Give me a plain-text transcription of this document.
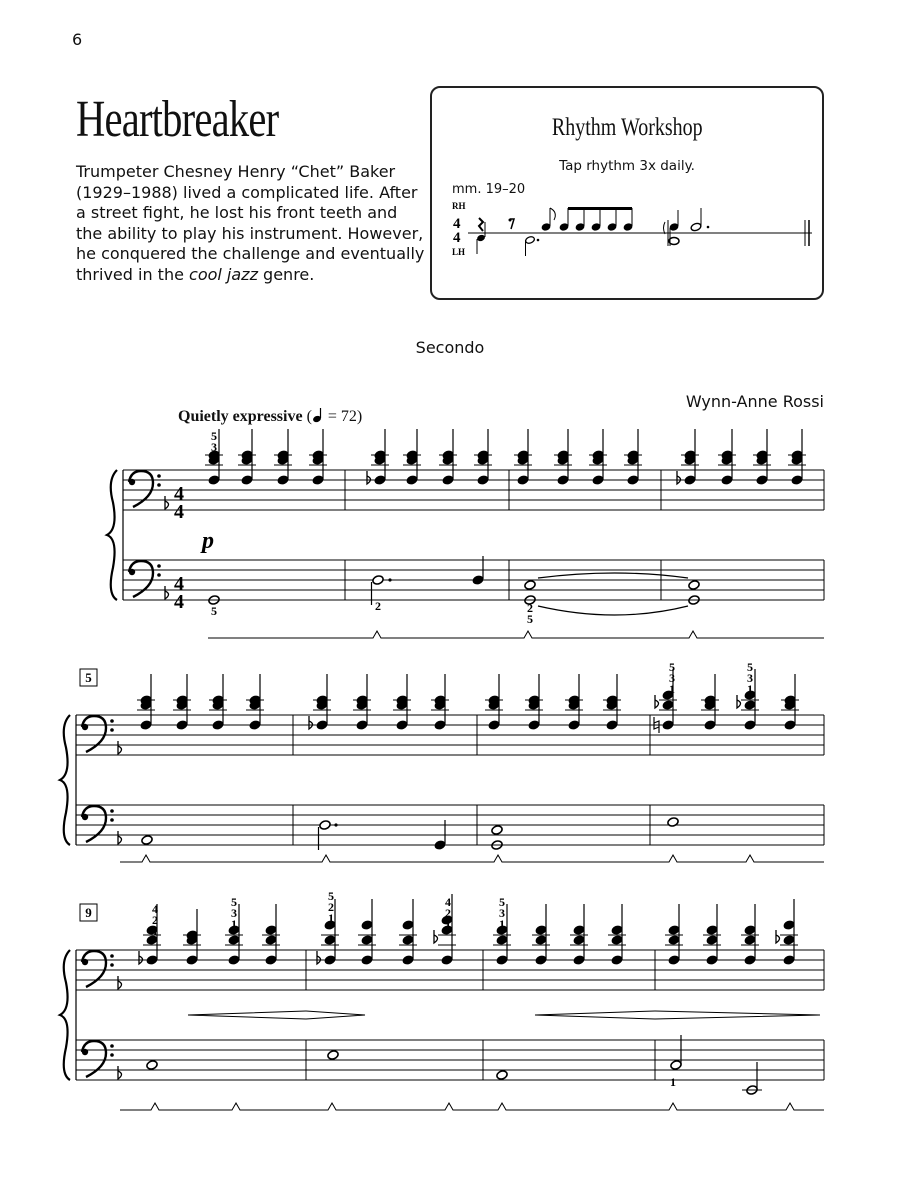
6
Heartbreaker

Trumpeter Chesney Henry “Chet” Baker (1929–1988) lived a complicated life. After a street fight, he lost his front teeth and the ability to play his instrument. However, he conquered the challenge and eventually thrived in the cool jazz genre.

Rhythm Workshop
Tap rhythm 3x daily.
mm. 19–20
RH
LH
4
4
Secondo
Wynn-Anne Rossi
Quietly expressive ( = 72)
4
4
4
4
5
3
1
p
5	2	2
5
5
5
3
1
5
3
1
9	4
2
1
5
3
1
5
2
1
4
2
1
5
3
1
1
